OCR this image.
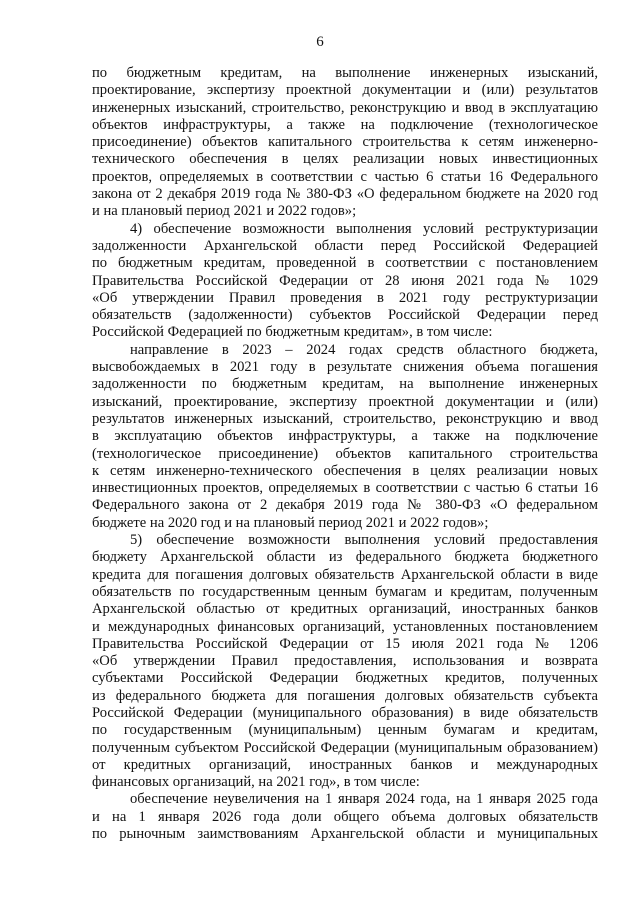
6
по бюджетным кредитам, на выполнение инженерных изысканий,
проектирование, экспертизу проектной документации и (или) результатов
инженерных изысканий, строительство, реконструкцию и ввод в эксплуатацию
объектов инфраструктуры, а также на подключение (технологическое
присоединение) объектов капитального строительства к сетям инженерно-
технического обеспечения в целях реализации новых инвестиционных
проектов, определяемых в соответствии с частью 6 статьи 16 Федерального
закона от 2 декабря 2019 года № 380-ФЗ «О федеральном бюджете на 2020 год
и на плановый период 2021 и 2022 годов»;
4) обеспечение возможности выполнения условий реструктуризации
задолженности Архангельской области перед Российской Федерацией
по бюджетным кредитам, проведенной в соответствии с постановлением
Правительства Российской Федерации от 28 июня 2021 года № 1029
«Об утверждении Правил проведения в 2021 году реструктуризации
обязательств (задолженности) субъектов Российской Федерации перед
Российской Федерацией по бюджетным кредитам», в том числе:
направление в 2023 – 2024 годах средств областного бюджета,
высвобождаемых в 2021 году в результате снижения объема погашения
задолженности по бюджетным кредитам, на выполнение инженерных
изысканий, проектирование, экспертизу проектной документации и (или)
результатов инженерных изысканий, строительство, реконструкцию и ввод
в эксплуатацию объектов инфраструктуры, а также на подключение
(технологическое присоединение) объектов капитального строительства
к сетям инженерно-технического обеспечения в целях реализации новых
инвестиционных проектов, определяемых в соответствии с частью 6 статьи 16
Федерального закона от 2 декабря 2019 года № 380-ФЗ «О федеральном
бюджете на 2020 год и на плановый период 2021 и 2022 годов»;
5) обеспечение возможности выполнения условий предоставления
бюджету Архангельской области из федерального бюджета бюджетного
кредита для погашения долговых обязательств Архангельской области в виде
обязательств по государственным ценным бумагам и кредитам, полученным
Архангельской областью от кредитных организаций, иностранных банков
и международных финансовых организаций, установленных постановлением
Правительства Российской Федерации от 15 июля 2021 года № 1206
«Об утверждении Правил предоставления, использования и возврата
субъектами Российской Федерации бюджетных кредитов, полученных
из федерального бюджета для погашения долговых обязательств субъекта
Российской Федерации (муниципального образования) в виде обязательств
по государственным (муниципальным) ценным бумагам и кредитам,
полученным субъектом Российской Федерации (муниципальным образованием)
от кредитных организаций, иностранных банков и международных
финансовых организаций, на 2021 год», в том числе:
обеспечение неувеличения на 1 января 2024 года, на 1 января 2025 года
и на 1 января 2026 года доли общего объема долговых обязательств
по рыночным заимствованиям Архангельской области и муниципальных
